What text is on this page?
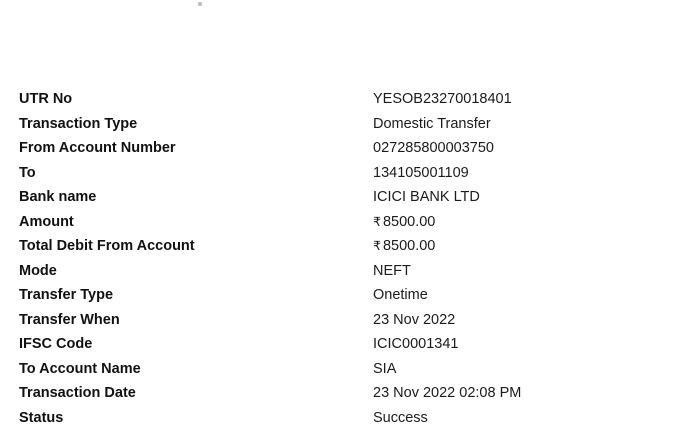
UTR No	YESOB23270018401
Transaction Type	Domestic Transfer
From Account Number	027285800003750
To	134105001109
Bank name	ICICI BANK LTD
Amount	₹ 8500.00
Total Debit From Account	₹ 8500.00
Mode	NEFT
Transfer Type	Onetime
Transfer When	23 Nov 2022
IFSC Code	ICIC0001341
To Account Name	SIA
Transaction Date	23 Nov 2022 02:08 PM
Status	Success
